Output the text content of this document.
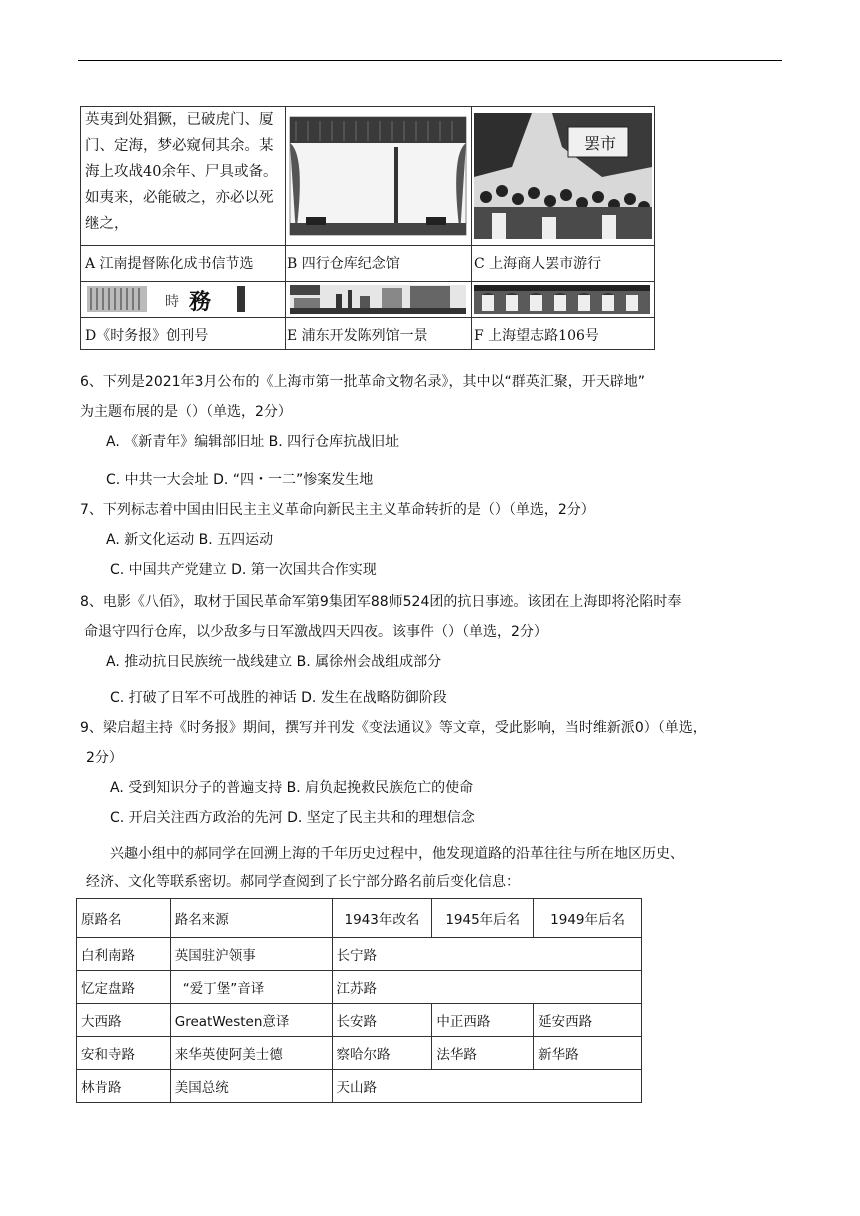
英夷到处猖獗，已破虎门、厦门、定海，梦必窥伺其余。某海上攻战40余年、尸具或备。如夷来，必能破之，亦必以死继之，
罢市
A 江南提督陈化成书信节选 B 四行仓库纪念馆	C 上海商人罢市游行
時 務
D《时务报》创刊号	E 浦东开发陈列馆一景	F 上海望志路106号
6、下列是2021年3月公布的《上海市第一批革命文物名录》，其中以“群英汇聚，开天辟地”
为主题布展的是（）（单选，2分）
A. 《新青年》编辑部旧址 B. 四行仓库抗战旧址
C. 中共一大会址 D. “四・一二”惨案发生地
7、下列标志着中国由旧民主主义革命向新民主主义革命转折的是（）（单选，2分）
A. 新文化运动 B. 五四运动
C. 中国共产党建立 D. 第一次国共合作实现
8、电影《八佰》，取材于国民革命军第9集团军88师524团的抗日事迹。该团在上海即将沦陷时奉
命退守四行仓库，以少敌多与日军激战四天四夜。该事件（）（单选，2分）
A. 推动抗日民族统一战线建立 B. 属徐州会战组成部分
C. 打破了日军不可战胜的神话 D. 发生在战略防御阶段
9、梁启超主持《时务报》期间，撰写并刊发《变法通议》等文章，受此影响，当时维新派0）（单选，
2分）
A. 受到知识分子的普遍支持 B. 肩负起挽救民族危亡的使命
C. 开启关注西方政治的先河 D. 坚定了民主共和的理想信念
兴趣小组中的郝同学在回溯上海的千年历史过程中，他发现道路的沿革往往与所在地区历史、
经济、文化等联系密切。郝同学查阅到了长宁部分路名前后变化信息：
原路名	路名来源	1943年改名	1945年后名	1949年后名
白利南路	英国驻沪领事	长宁路		
忆定盘路	“爱丁堡”音译	江苏路		
大西路	GreatWesten意译	长安路	中正西路	延安西路
安和寺路	来华英使阿美士德	察哈尔路	法华路	新华路
林肯路	美国总统	天山路		
